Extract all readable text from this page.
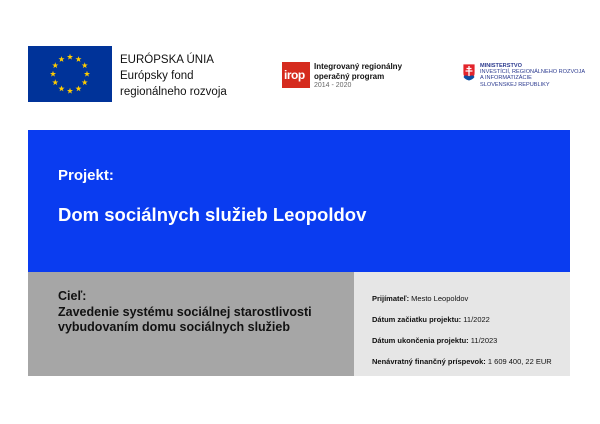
EURÓPSKA ÚNIA
Európsky fond
regionálneho rozvoja
irop
Integrovaný regionálny
operačný program
2014 - 2020
MINISTERSTVO
INVESTÍCIÍ, REGIONÁLNEHO ROZVOJA
A INFORMATIZÁCIE
SLOVENSKEJ REPUBLIKY
Projekt:
Dom sociálnych služieb Leopoldov
Cieľ:
Zavedenie systému sociálnej starostlivosti
vybudovaním domu sociálnych služieb
Prijímateľ: Mesto Leopoldov
Dátum začiatku projektu: 11/2022
Dátum ukončenia projektu: 11/2023
Nenávratný finančný príspevok: 1 609 400, 22 EUR
